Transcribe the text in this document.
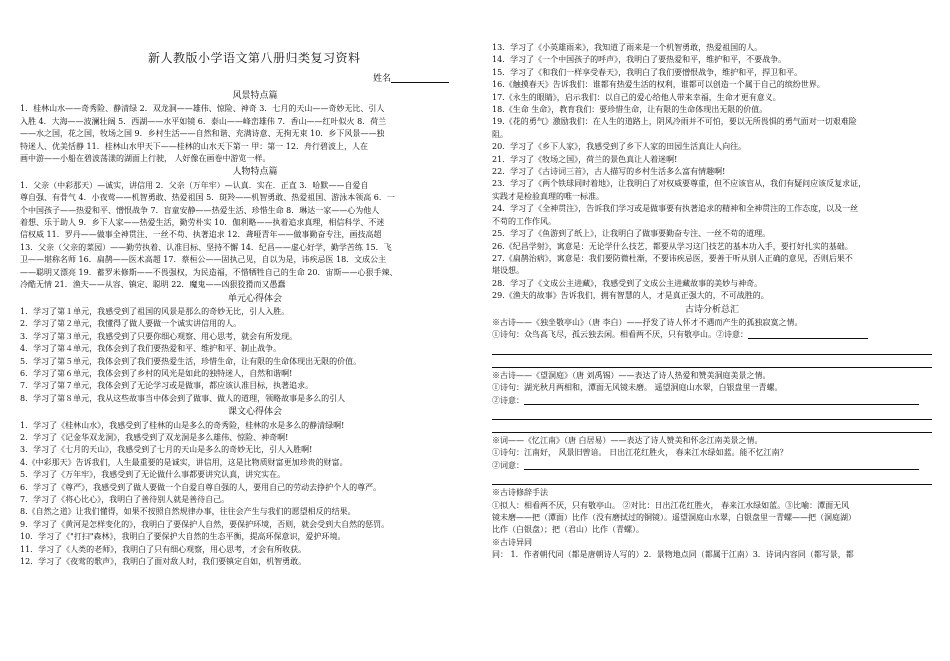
新人教版小学语文第八册归类复习资料
姓名
风景特点篇

1．桂林山水——奇秀险、静清绿 2．双龙洞——雄伟、惊险、神奇 3．七月的天山——奇妙无比、引人

入胜 4．大海——波澜壮阔 5．西湖——水平如镜 6．泰山——峰峦雄伟 7．香山——红叶似火 8．荷兰

——水之国，花之国，牧场之国 9．乡村生活——自然和谐、充满诗意、无拘无束 10．乡下风景——独

特迷人、优美恬静 11．桂林山水甲天下——桂林的山水天下第一 甲：第一 12．舟行碧波上，人在

画中游——小船在碧波荡漾的湖面上行驶， 人好像在画卷中游览一样。

人物特点篇

1．父亲（中彩那天）—诚实，讲信用 2．父亲（万年牢）—认真．实在．正直 3．哈默——自爱自

尊自强、有骨气 4．小夜莺——机智勇敢、热爱祖国 5．斑羚——机智勇敢、热爱祖国、游泳本领高 6．一

个中国孩子——热爱和平、憎恨战争 7．盲童安静——热爱生活、珍惜生命 8．琳达一家——心为他人

着想、乐于助人 9．乡下人家——热爱生活，勤劳朴实 10．伽利略——执着追求真理，相信科学、不迷

信权威 11．罗丹——做事全神贯注、一丝不苟、执著追求 12．聋哑青年——做事勤奋专注，画技高超

13．父亲（父亲的菜园）——勤劳执着、认准目标、坚持不懈 14．纪昌——虚心好学，勤学苦练 15．飞

卫——堪称名师 16．扁鹊——医术高超 17．蔡桓公——固执己见，自以为是，讳疾忌医 18．文成公主

——聪明又漂亮 19．蓄罗米修斯——不畏强权，为民造福，不惜牺牲自己的生命 20．宙斯——心狠手辣、

冷酷无情 21．渔夫——从容、镇定、聪明 22．魔鬼——凶狠狡猾而又愚蠢

单元心得体会

1．学习了第１单元，我感受到了祖国的风景是那么的奇妙无比，引人入胜。

2．学习了第２单元，我懂得了做人要做一个诚实讲信用的人。

3．学习了第３单元，我感受到了只要你细心观察、用心思考，就会有所发现。

4．学习了第４单元，我体会到了我们要热爱和平、维护和平、制止战争。

5．学习了第５单元，我体会到了我们要热爱生活，珍惜生命，让有限的生命体现出无限的价值。

6．学习了第６单元，我体会到了乡村的风光是如此的独特迷人，自然和谐啊!

7．学习了第７单元，我体会到了无论学习或是做事，都应该认准目标，执著追求。

8．学习了第８单元，我从这些故事当中体会到了做事、做人的道理，领略故事是多么的引人

课文心得体会

1．学习了《桂林山水》，我感受到了桂林的山是多么的奇秀险，桂林的水是多么的静清绿啊!

2．学习了《记金华双龙洞》，我感受到了双龙洞是多么雄伟、惊险、神奇啊!

3．学习了《七月的天山》，我感受到了七月的天山是多么的奇妙无比，引人入胜啊!

4.《中彩那天》告诉我们，人生最重要的是诚实，讲信用，这是比物质财富更加珍贵的财富。

5．学习了《万年牢》，我感受到了无论做什么事都要讲究认真，讲究实在。

6．学习了《尊严》，我感受到了做人要做一个自爱自尊自强的人，要用自己的劳动去挣护个人的尊严。

7．学习了《将心比心》，我明白了善待别人就是善待自己。

8.《自然之道》让我们懂得，如果不按照自然规律办事，往往会产生与我们的愿望相反的结果。

9．学习了《黄河是怎样变化的》，我明白了要保护人自然，要保护环境，否则，就会受到大自然的惩罚。

10．学习了《"打扫"森林》，我明白了要保护大自然的生态平衡，提高环保意识，爱护环境。

11．学习了《人类的老师》，我明白了只有细心观察，用心思考，才会有所收获。

12．学习了《夜莺的歌声》，我明白了面对敌人时，我们要镇定自如，机智勇敢。

13．学习了《小英雄雨来》，我知道了雨来是一个机智勇敢，热爱祖国的人。

14．学习了《一个中国孩子的呼声》，我明白了要热爱和平，维护和平，不要战争。

15．学习了《和我们一样享受春天》，我明白了我们要憎恨战争，维护和平，捍卫和平。

16.《触摸春天》告诉我们：谁都有热爱生活的权利，谁都可以创造一个属于自己的缤纷世界。

17.《永生的眼睛》，启示我们：以自己的爱心给他人带来幸福，生命才更有意义。

18.《生命 生命》，教育我们：要珍惜生命，让有限的生命体现出无限的价值。

19.《花的勇气》激励我们：在人生的道路上，阴风冷雨并不可怕，要以无所畏惧的勇气面对一切艰难险

阻。

20．学习了《乡下人家》，我感受到了乡下人家的田园生活真让人向往。

21．学习了《牧场之国》，荷兰的景色真让人着迷啊!

22．学习了《古诗词三首》，古人描写的乡村生活多么富有情趣啊!

23．学习了《两个铁球同时着地》，让我明白了对权威要尊重，但不应该盲从，我们有疑问应该反复求证，

实践才是检验真理的唯一标准。

24．学习了《全神贯注》，告诉我们学习或是做事要有执著追求的精神和全神贯注的工作态度，以及一丝

不苟的工作作风。

25．学习了《鱼游到了纸上》，让我明白了做事要勤奋专注、一丝不苟的道理。

26.《纪昌学射》，寓意是：无论学什么技艺，都要从学习这门技艺的基本功入手，要打好扎实的基础。

27.《扁鹊治病》，寓意是：我们要防微杜渐，不要讳疾忌医，要善于听从别人正确的意见，否则后果不

堪设想。

28．学习了《文成公主进藏》，我感受到了文成公主进藏故事的美妙与神奇。

29.《渔夫的故事》告诉我们，拥有智慧的人，才是真正强大的，不可战胜的。

古诗分析总汇

※古诗——《独坐敬亭山》（唐 李白）——抒发了诗人怀才不遇而产生的孤独寂寞之情。

①诗句：众鸟高飞尽，孤云独去闲。相看两不厌，只有敬亭山。②诗意：

※古诗——《望洞庭》（唐 刘禹锡）——表达了诗人热爱和赞美洞庭美景之情。

①诗句：湖光秋月两相和，潭面无风镜未磨。 遥望洞庭山水翠，白银盘里一青螺。

②诗意：

※词——《忆江南》（唐 白居易）——表达了诗人赞美和怀念江南美景之情。

①诗句：江南好， 风景旧曾谙。 日出江花红胜火， 春来江水绿如蓝。能不忆江南？

②词意：

※古诗修辞手法

①拟人：相看两不厌，只有敬亭山。 ②对比：日出江花红胜火， 春来江水绿如蓝。③比喻：潭面无风

镜未磨——把（潭面）比作（没有磨拭过的铜镜）。遥望洞庭山水翠，白银盘里一青螺——把（洞庭湖）

比作（白银盘）；把（君山）比作（青螺）。

※古诗异同

同： 1．作者朝代同（都是唐朝诗人写的）2．景物地点同（都属于江南）3．诗词内容同（都写景，都
